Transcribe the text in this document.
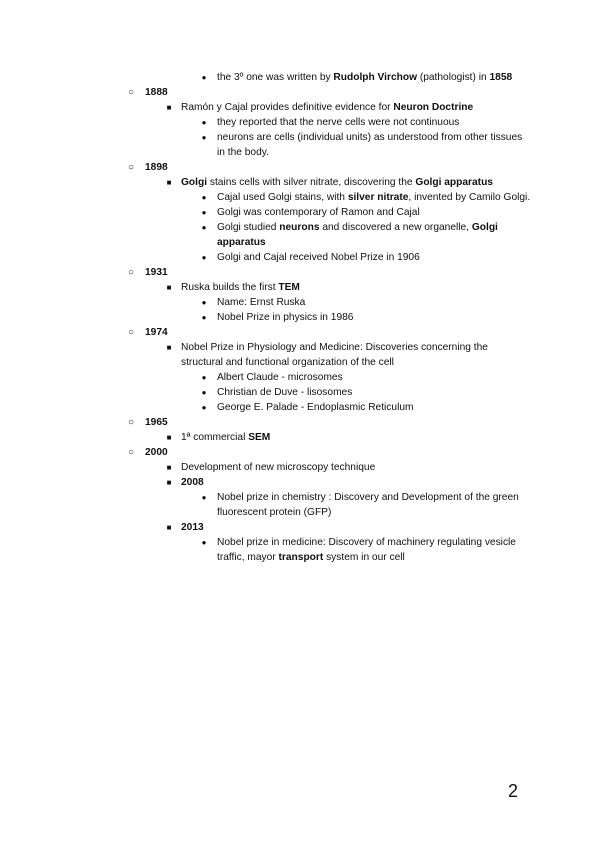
●	the 3º one was written by Rudolph Virchow (pathologist) in 1858
○ 1888
■ Ramón y Cajal provides definitive evidence for Neuron Doctrine
●	they reported that the nerve cells were not continuous
●	neurons are cells (individual units) as understood from other tissues in the body.
○ 1898
■ Golgi stains cells with silver nitrate, discovering the Golgi apparatus
●	Cajal used Golgi stains, with silver nitrate, invented by Camilo Golgi.
●	Golgi was contemporary of Ramon and Cajal
●	Golgi studied neurons and discovered a new organelle, Golgi apparatus
●	Golgi and Cajal received Nobel Prize in 1906
○ 1931
■ Ruska builds the first TEM
●	Name: Ernst Ruska
●	Nobel Prize in physics in 1986
○ 1974
■ Nobel Prize in Physiology and Medicine: Discoveries concerning the structural and functional organization of the cell
●	Albert Claude - microsomes
●	Christian de Duve - lisosomes
●	George E. Palade - Endoplasmic Reticulum
○ 1965
■ 1ª commercial SEM
○ 2000
■ Development of new microscopy technique
■ 2008
●	Nobel prize in chemistry : Discovery and Development of the green fluorescent protein (GFP)
■ 2013
●	Nobel prize in medicine: Discovery of machinery regulating vesicle traffic, mayor transport system in our cell
2
